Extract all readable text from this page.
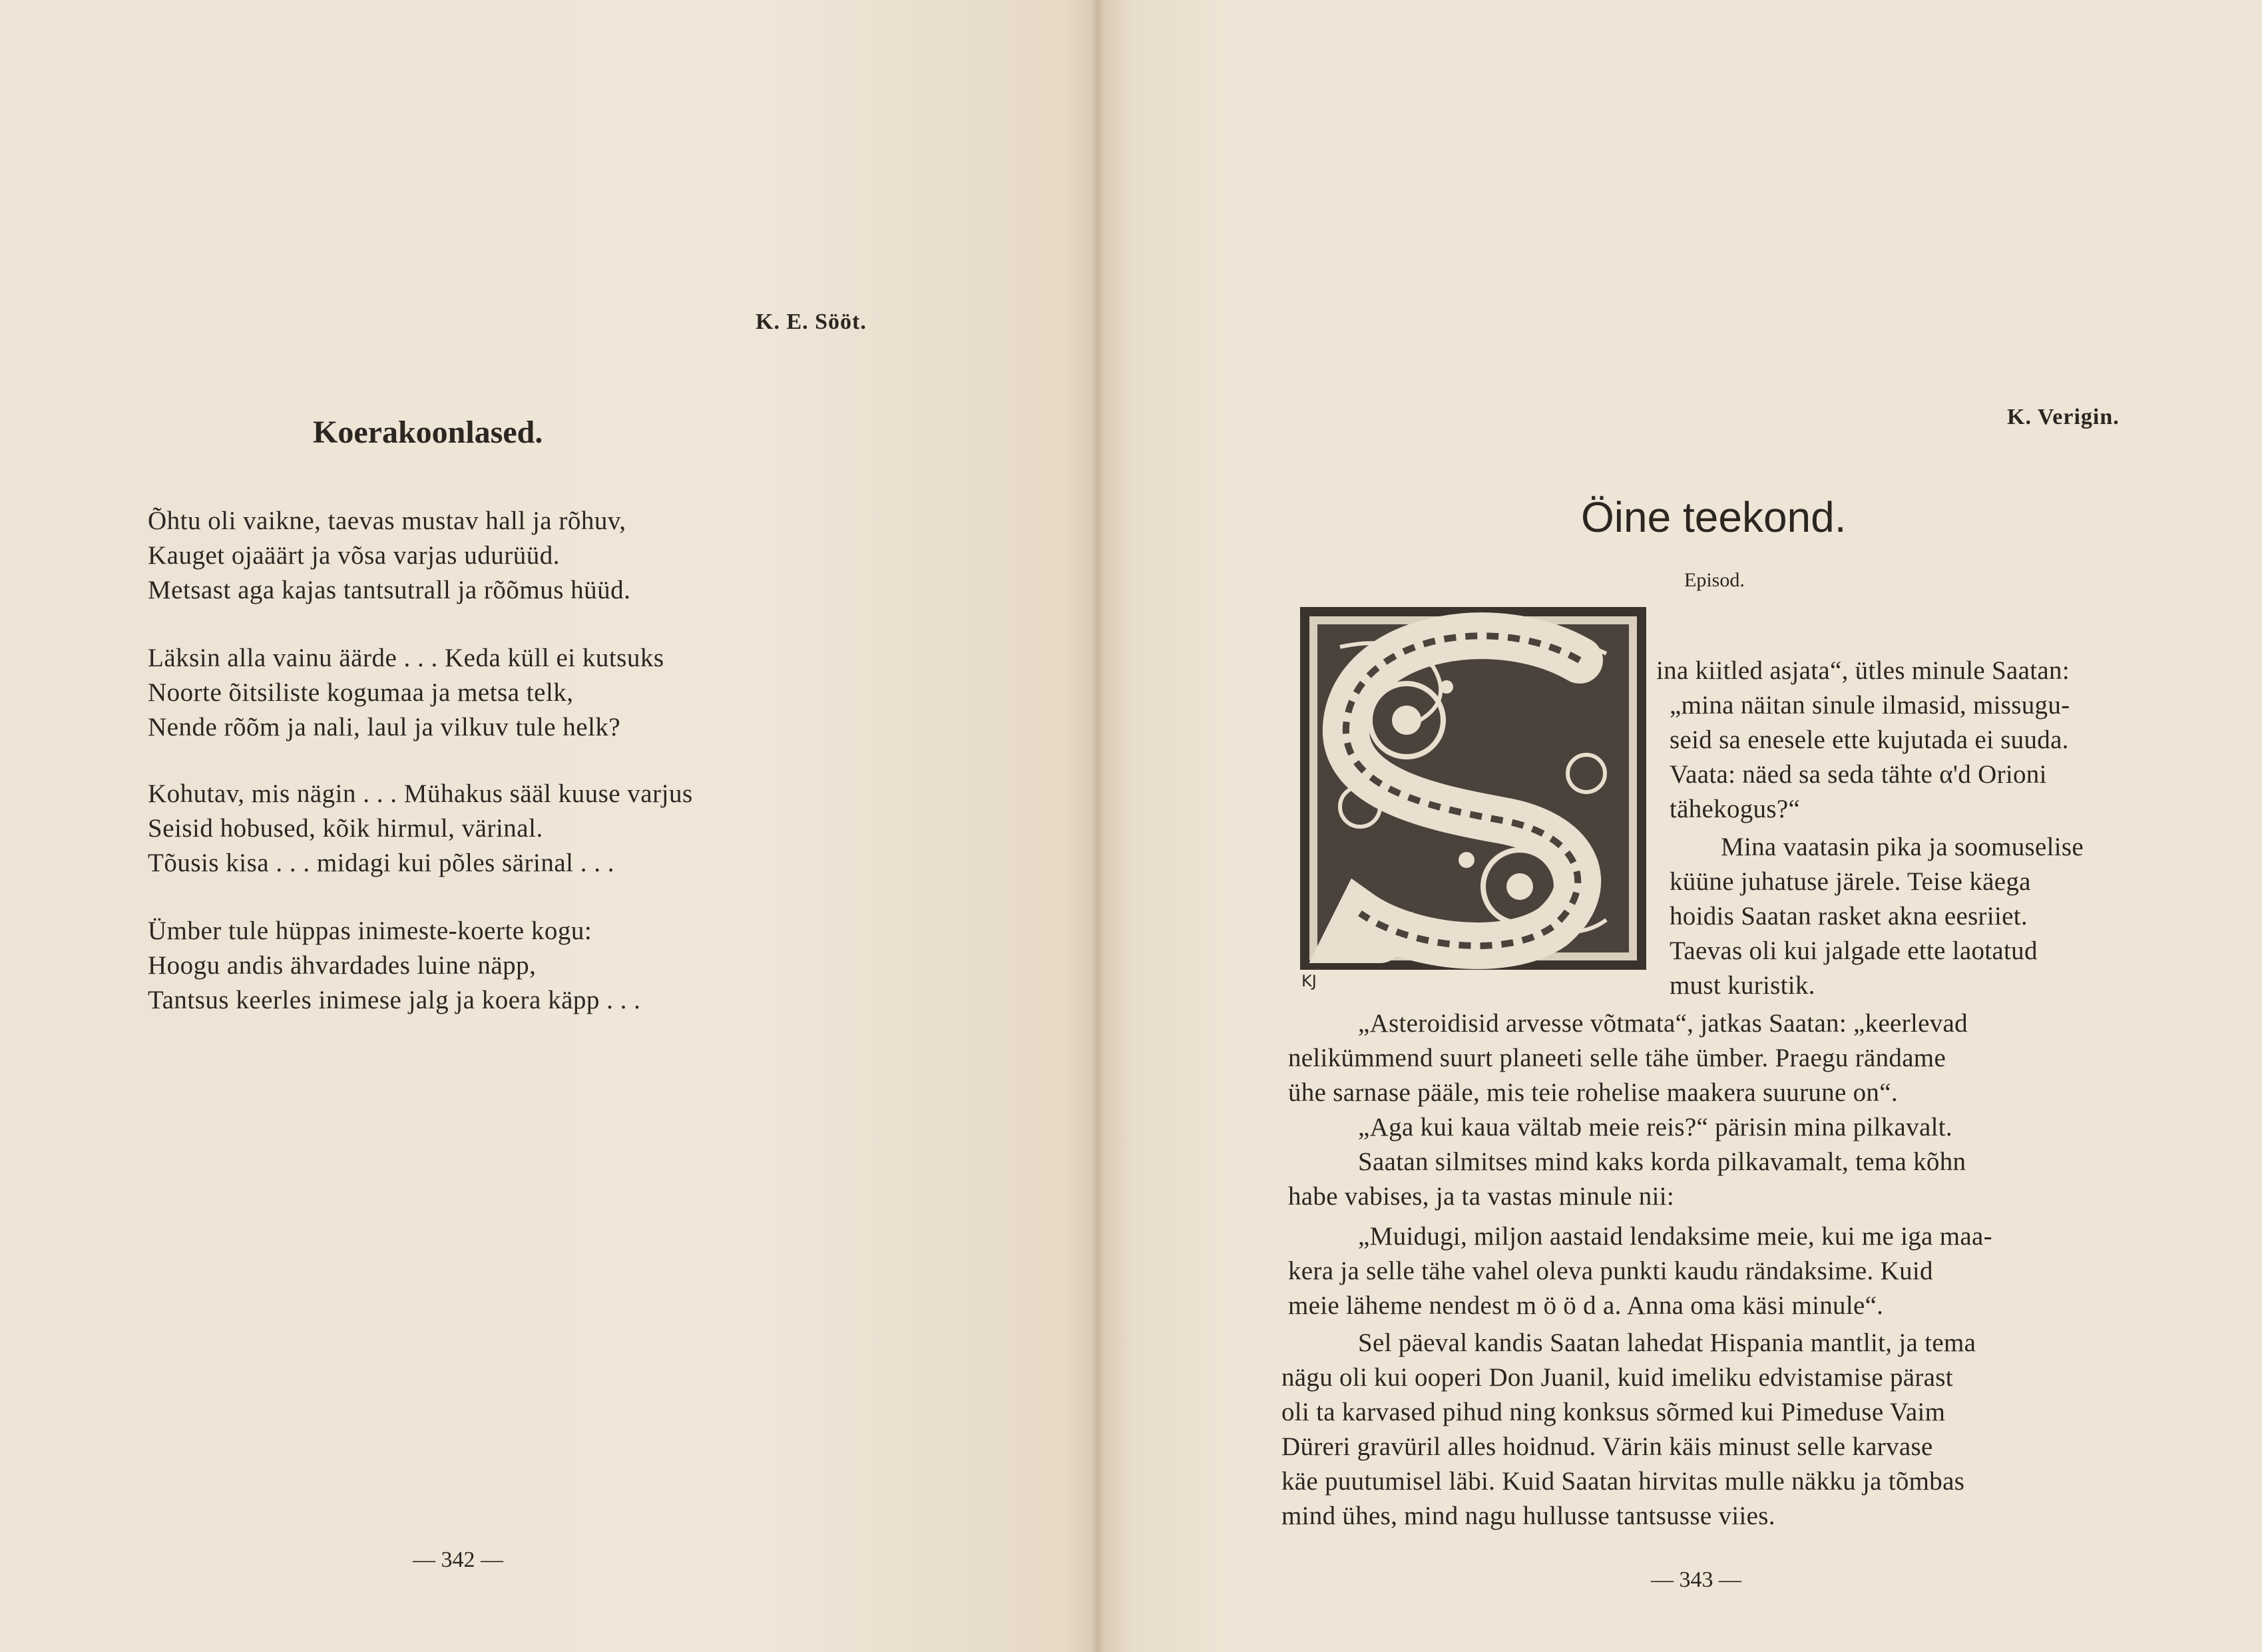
K. E. Sööt.
Koerakoonlased.
Õhtu oli vaikne, taevas mustav hall ja rõhuv,
Kauget ojaäärt ja võsa varjas udurüüd.
Metsast aga kajas tantsutrall ja rõõmus hüüd.
Läksin alla vainu äärde . . . Keda küll ei kutsuks
Noorte õitsiliste kogumaa ja metsa telk,
Nende rõõm ja nali, laul ja vilkuv tule helk?
Kohutav, mis nägin . . . Mühakus sääl kuuse varjus
Seisid hobused, kõik hirmul, värinal.
Tõusis kisa . . . midagi kui põles särinal . . .
Ümber tule hüppas inimeste-koerte kogu:
Hoogu andis ähvardades luine näpp,
Tantsus keerles inimese jalg ja koera käpp . . .
— 342 —
K. Verigin.
Öine teekond.
Episod.
KJ
ina kiitled asjata“, ütles minule Saatan:
„mina näitan sinule ilmasid, missugu-
seid sa enesele ette kujutada ei suuda.
Vaata: näed sa seda tähte α'd Orioni
tähekogus?“
Mina vaatasin pika ja soomuselise
küüne juhatuse järele. Teise käega
hoidis Saatan rasket akna eesriiet.
Taevas oli kui jalgade ette laotatud
must kuristik.
„Asteroidisid arvesse võtmata“, jatkas Saatan: „keerlevad
nelikümmend suurt planeeti selle tähe ümber. Praegu rändame
ühe sarnase pääle, mis teie rohelise maakera suurune on“.
„Aga kui kaua vältab meie reis?“ pärisin mina pilkavalt.
Saatan silmitses mind kaks korda pilkavamalt, tema kõhn
habe vabises, ja ta vastas minule nii:
„Muidugi, miljon aastaid lendaksime meie, kui me iga maa-
kera ja selle tähe vahel oleva punkti kaudu rändaksime. Kuid
meie läheme nendest m ö ö d a. Anna oma käsi minule“.
Sel päeval kandis Saatan lahedat Hispania mantlit, ja tema
nägu oli kui ooperi Don Juanil, kuid imeliku edvistamise pärast
oli ta karvased pihud ning konksus sõrmed kui Pimeduse Vaim
Düreri gravüril alles hoidnud. Värin käis minust selle karvase
käe puutumisel läbi. Kuid Saatan hirvitas mulle näkku ja tõmbas
mind ühes, mind nagu hullusse tantsusse viies.
— 343 —
